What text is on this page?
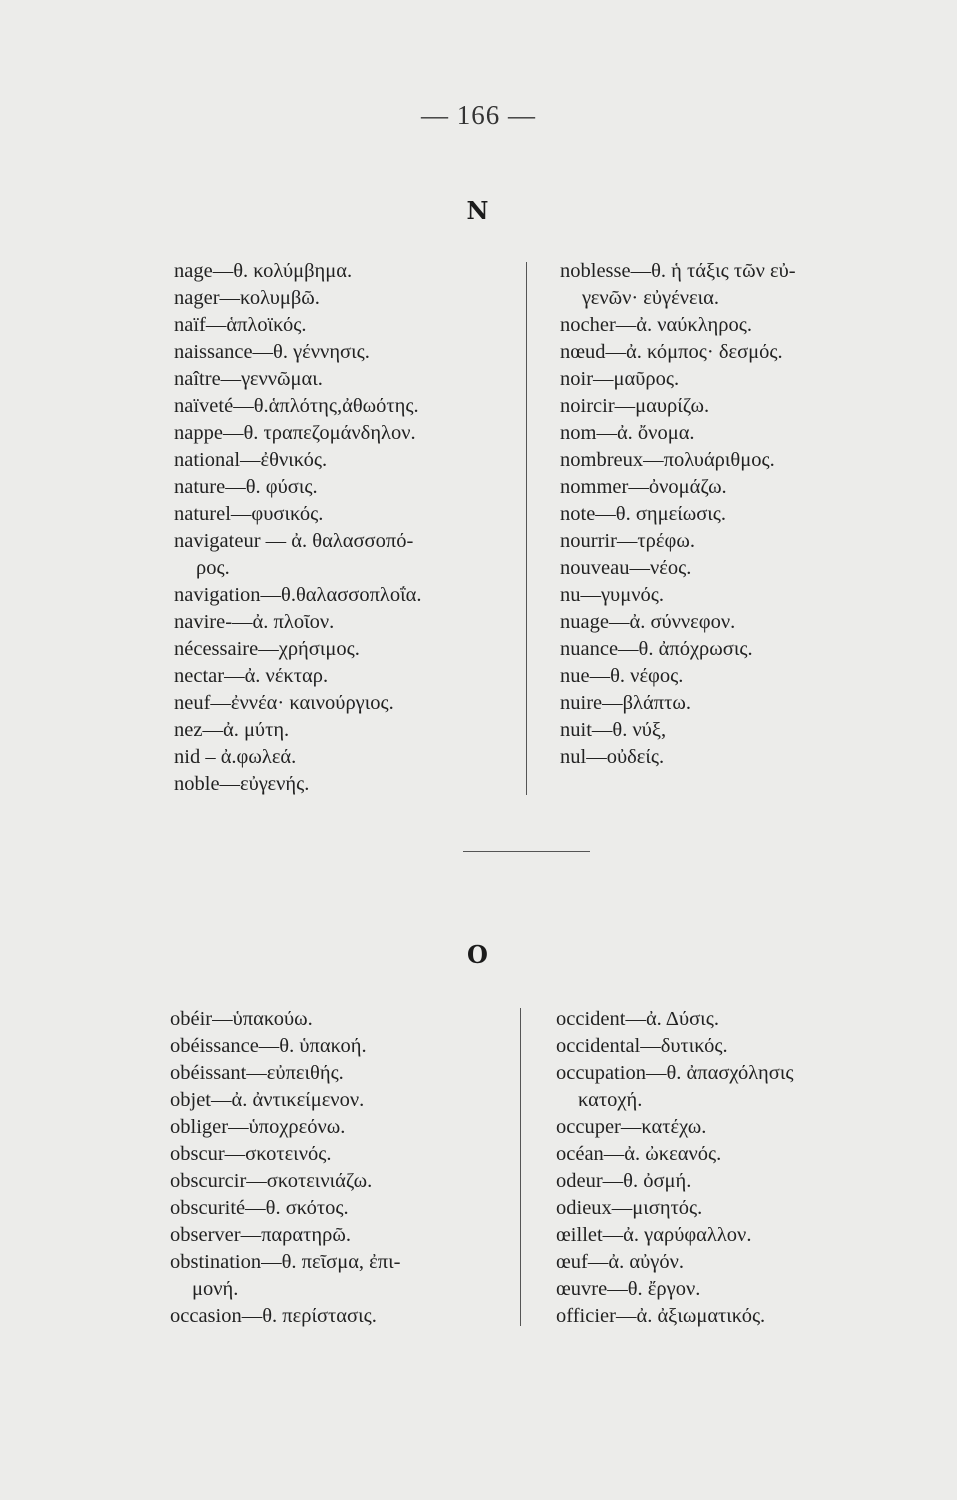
— 166 —
N
nage—θ. κολύμβημα.
nager—κολυμβῶ.
naïf—ἁπλοϊκός.
naissance—θ. γέννησις.
naître—γεννῶμαι.
naïveté—θ.ἁπλότης,ἀθωότης.
nappe—θ. τραπεζομάνδηλον.
national—ἐθνικός.
nature—θ. φύσις.
naturel—φυσικός.
navigateur — ἀ. θαλασσοπό-
ρος.
navigation—θ.θαλασσοπλοΐα.
navire-—ἀ. πλοῖον.
nécessaire—χρήσιμος.
nectar—ἀ. νέκταρ.
neuf—ἐννέα· καινούργιος.
nez—ἀ. μύτη.
nid – ἀ.φωλεά.
noble—εὐγενής.
noblesse—θ. ἡ τάξις τῶν εὐ-
γενῶν· εὐγένεια.
nocher—ἀ. ναύκληρος.
nœud—ἀ. κόμπος· δεσμός.
noir—μαῦρος.
noircir—μαυρίζω.
nom—ἀ. ὄνομα.
nombreux—πολυάριθμος.
nommer—ὀνομάζω.
note—θ. σημείωσις.
nourrir—τρέφω.
nouveau—νέος.
nu—γυμνός.
nuage—ἀ. σύννεφον.
nuance—θ. ἀπόχρωσις.
nue—θ. νέφος.
nuire—βλάπτω.
nuit—θ. νύξ,
nul—οὐδείς.
O
obéir—ὑπακούω.
obéissance—θ. ὑπακοή.
obéissant—εὐπειθής.
objet—ἀ. ἀντικείμενον.
obliger—ὑποχρεόνω.
obscur—σκοτεινός.
obscurcir—σκοτεινιάζω.
obscurité—θ. σκότος.
observer—παρατηρῶ.
obstination—θ. πεῖσμα, ἐπι-
μονή.
occasion—θ. περίστασις.
occident—ἀ. Δύσις.
occidental—δυτικός.
occupation—θ. ἀπασχόλησις
κατοχή.
occuper—κατέχω.
océan—ἀ. ὠκεανός.
odeur—θ. ὀσμή.
odieux—μισητός.
œillet—ἀ. γαρύφαλλον.
œuf—ἀ. αὐγόν.
œuvre—θ. ἔργον.
officier—ἀ. ἀξιωματικός.
